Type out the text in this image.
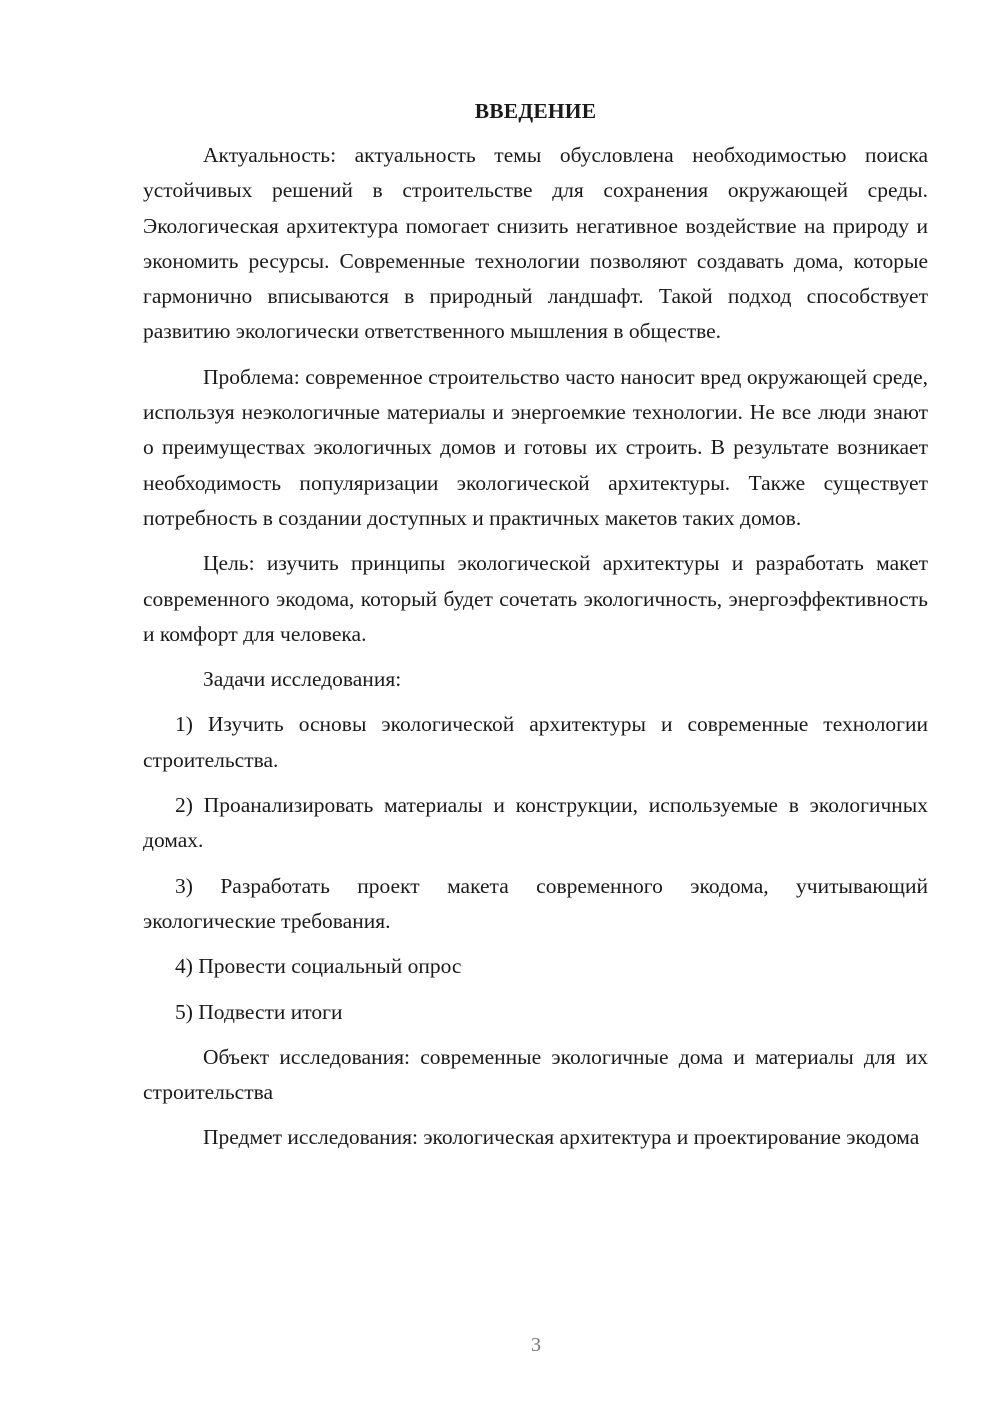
ВВЕДЕНИЕ

Актуальность: актуальность темы обусловлена необходимостью поиска устойчивых решений в строительстве для сохранения окружающей среды. Экологическая архитектура помогает снизить негативное воздействие на природу и экономить ресурсы. Современные технологии позволяют создавать дома, которые гармонично вписываются в природный ландшафт. Такой подход способствует развитию экологически ответственного мышления в обществе.

Проблема: современное строительство часто наносит вред окружающей среде, используя неэкологичные материалы и энергоемкие технологии. Не все люди знают о преимуществах экологичных домов и готовы их строить. В результате возникает необходимость популяризации экологической архитектуры. Также существует потребность в создании доступных и практичных макетов таких домов.

Цель: изучить принципы экологической архитектуры и разработать макет современного экодома, который будет сочетать экологичность, энергоэффективность и комфорт для человека.

Задачи исследования:

1) Изучить основы экологической архитектуры и современные технологии строительства.

2) Проанализировать материалы и конструкции, используемые в экологичных домах.

3) Разработать проект макета современного экодома, учитывающий экологические требования.

4) Провести социальный опрос

5) Подвести итоги

Объект исследования: современные экологичные дома и материалы для их строительства

Предмет исследования: экологическая архитектура и проектирование экодома

3
